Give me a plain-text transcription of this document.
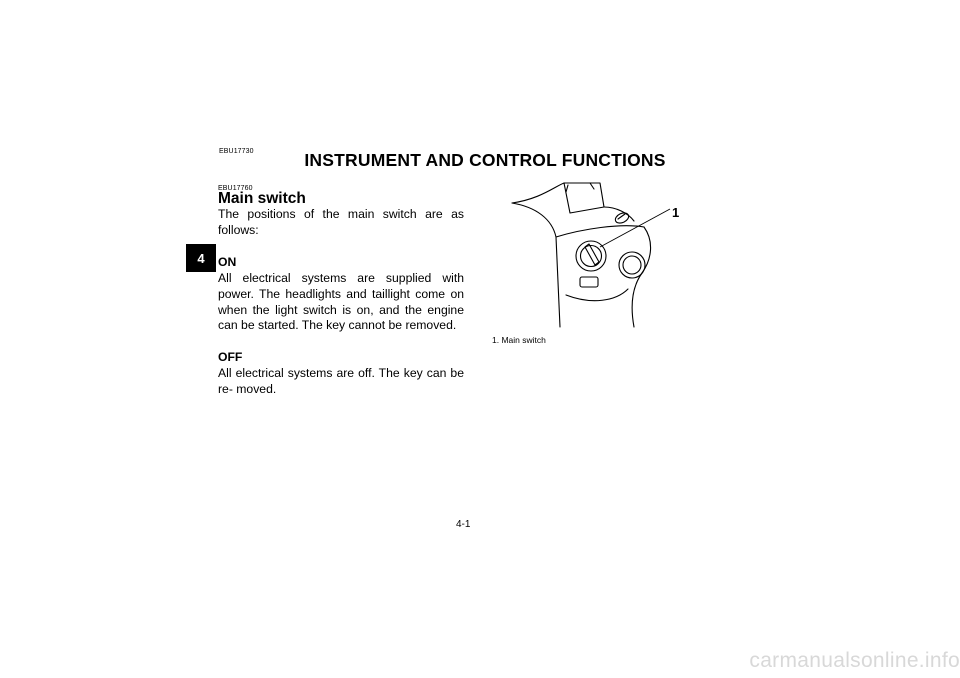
4
EBU17730	INSTRUMENT AND CONTROL FUNCTIONS
EBU17760
Main switch

The positions of the main switch are as follows:

ON

All electrical systems are supplied with power. The headlights and taillight come on when the light switch is on, and the engine can be started. The key cannot be removed.

OFF

All electrical systems are off. The key can be re- moved.

1
1. Main switch
4-1
carmanualsonline.info
